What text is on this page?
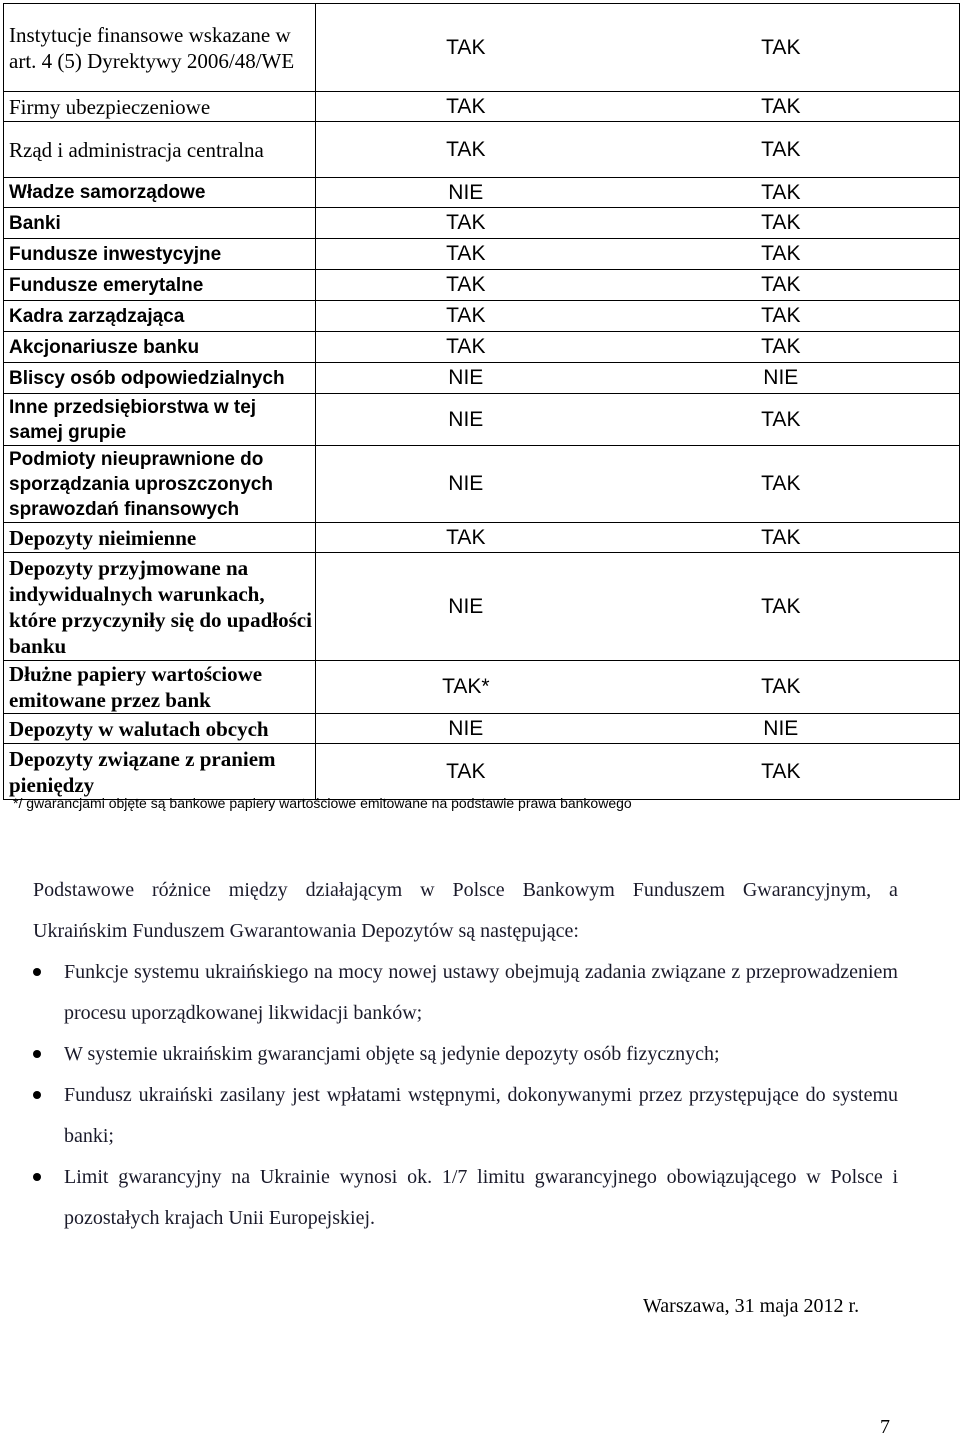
Instytucje finansowe wskazane w art. 4 (5) Dyrektywy 2006/48/WE	TAK TAK

Firmy ubezpieczeniowe	TAK TAK

Rząd i administracja centralna	TAK TAK

Władze samorządowe	NIE TAK

Banki	TAK TAK

Fundusze inwestycyjne	TAK TAK

Fundusze emerytalne	TAK TAK

Kadra zarządzająca	TAK TAK

Akcjonariusze banku	TAK TAK

Bliscy osób odpowiedzialnych	NIE NIE

Inne przedsiębiorstwa w tej samej grupie	NIE TAK

Podmioty nieuprawnione do sporządzania uproszczonych sprawozdań finansowych	NIE TAK

Depozyty nieimienne	TAK TAK

Depozyty przyjmowane na indywidualnych warunkach, które przyczyniły się do upadłości banku	NIE TAK

Dłużne papiery wartościowe emitowane przez bank	TAK* TAK

Depozyty w walutach obcych	NIE NIE

Depozyty związane z praniem pieniędzy	TAK TAK
*/ gwarancjami objęte są bankowe papiery wartościowe emitowane na podstawie prawa bankowego
Podstawowe różnice między działającym w Polsce Bankowym Funduszem Gwarancyjnym, a
Ukraińskim Funduszem Gwarantowania Depozytów są następujące:
Funkcje systemu ukraińskiego na mocy nowej ustawy obejmują zadania związane z przeprowadzeniem procesu uporządkowanej likwidacji banków;
W systemie ukraińskim gwarancjami objęte są jedynie depozyty osób fizycznych;
Fundusz ukraiński zasilany jest wpłatami wstępnymi, dokonywanymi przez przystępujące do systemu banki;
Limit gwarancyjny na Ukrainie wynosi ok. 1/7 limitu gwarancyjnego obowiązującego w Polsce i pozostałych krajach Unii Europejskiej.
Warszawa, 31 maja 2012 r.
7
